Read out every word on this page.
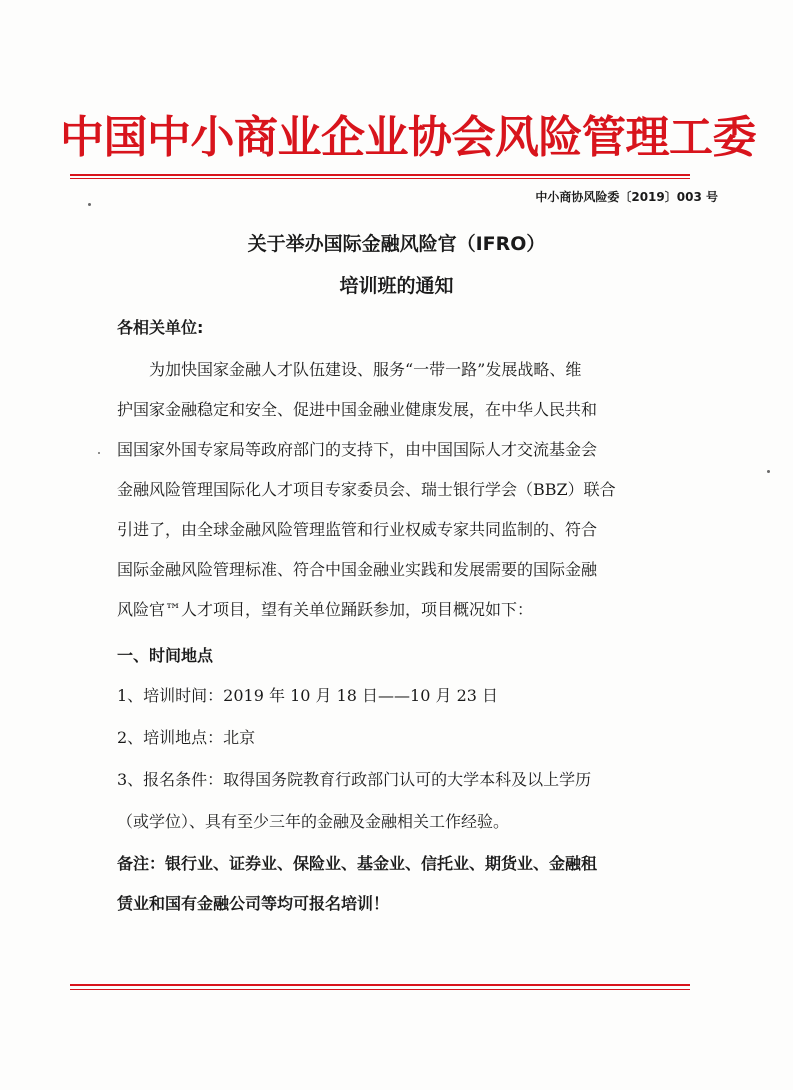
中国中小商业企业协会风险管理工委
中小商协风险委〔2019〕003 号
关于举办国际金融风险官（IFRO）
培训班的通知
各相关单位:
为加快国家金融人才队伍建设、服务“一带一路”发展战略、维
护国家金融稳定和安全、促进中国金融业健康发展，在中华人民共和
国国家外国专家局等政府部门的支持下，由中国国际人才交流基金会
金融风险管理国际化人才项目专家委员会、瑞士银行学会（BBZ）联合
引进了，由全球金融风险管理监管和行业权威专家共同监制的、符合
国际金融风险管理标准、符合中国金融业实践和发展需要的国际金融
风险官™人才项目，望有关单位踊跃参加，项目概况如下：
一、时间地点
1、培训时间：2019 年 10 月 18 日——10 月 23 日
2、培训地点：北京
3、报名条件：取得国务院教育行政部门认可的大学本科及以上学历
（或学位）、具有至少三年的金融及金融相关工作经验。
备注：银行业、证券业、保险业、基金业、信托业、期货业、金融租
赁业和国有金融公司等均可报名培训！
